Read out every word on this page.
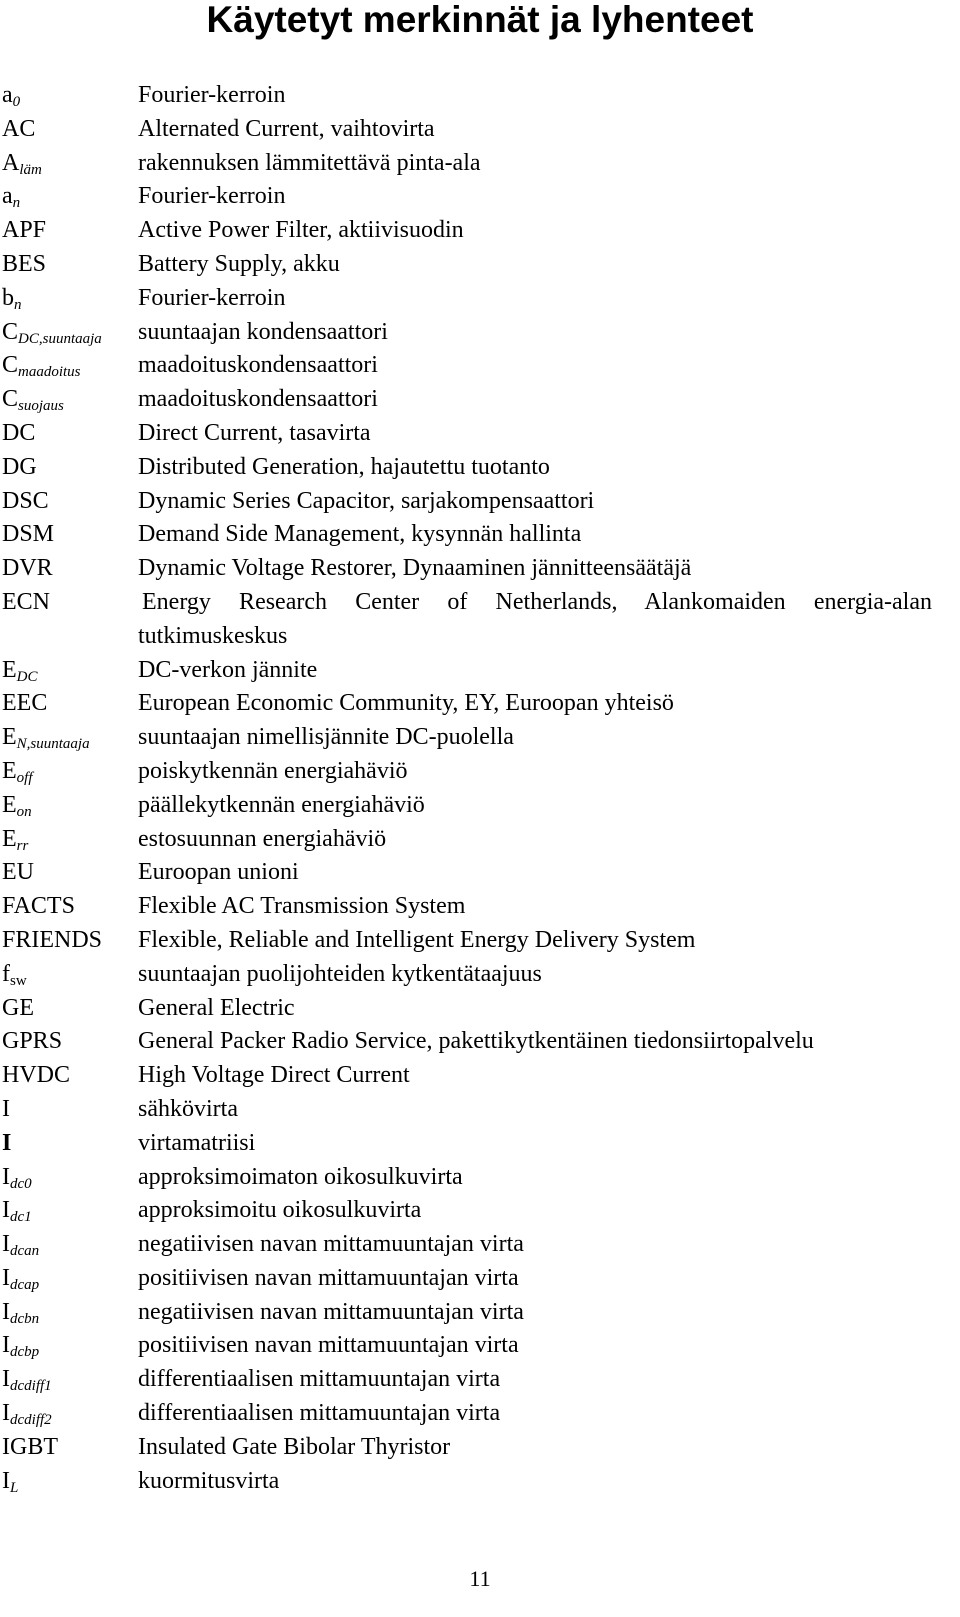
Käytetyt merkinnät ja lyhenteet
$a_0$	Fourier-kerroin
AC	Alternated Current, vaihtovirta
$A_{läm}$	rakennuksen lämmitettävä pinta-ala
$a_n$	Fourier-kerroin
APF	Active Power Filter, aktiivisuodin
BES	Battery Supply, akku
$b_n$	Fourier-kerroin
$C_{DC,suuntaaja}$	suuntaajan kondensaattori
$C_{maadoitus}$	maadoituskondensaattori
$C_{suojaus}$	maadoituskondensaattori
DC	Direct Current, tasavirta
DG	Distributed Generation, hajautettu tuotanto
DSC	Dynamic Series Capacitor, sarjakompensaattori
DSM	Demand Side Management, kysynnän hallinta
DVR	Dynamic Voltage Restorer, Dynaaminen jännitteensäätäjä
ECN	Energy Research Center of Netherlands, Alankomaiden energia-alan
tutkimuskeskus
$E_{DC}$	DC-verkon jännite
EEC	European Economic Community, EY, Euroopan yhteisö
$E_{N,suuntaaja}$	suuntaajan nimellisjännite DC-puolella
$E_{off}$	poiskytkennän energiahäviö
$E_{on}$	päällekytkennän energiahäviö
$E_{rr}$	estosuunnan energiahäviö
EU	Euroopan unioni
FACTS	Flexible AC Transmission System
FRIENDS	Flexible, Reliable and Intelligent Energy Delivery System
$f_{sw}$	suuntaajan puolijohteiden kytkentätaajuus
GE	General Electric
GPRS	General Packer Radio Service, pakettikytkentäinen tiedonsiirtopalvelu
HVDC	High Voltage Direct Current
I	sähkövirta
I	virtamatriisi
$I_{dc0}$	approksimoimaton oikosulkuvirta
$I_{dc1}$	approksimoitu oikosulkuvirta
$I_{dcan}$	negatiivisen navan mittamuuntajan virta
$I_{dcap}$	positiivisen navan mittamuuntajan virta
$I_{dcbn}$	negatiivisen navan mittamuuntajan virta
$I_{dcbp}$	positiivisen navan mittamuuntajan virta
$I_{dcdiff1}$	differentiaalisen mittamuuntajan virta
$I_{dcdiff2}$	differentiaalisen mittamuuntajan virta
IGBT	Insulated Gate Bibolar Thyristor
$I_L$	kuormitusvirta
11
